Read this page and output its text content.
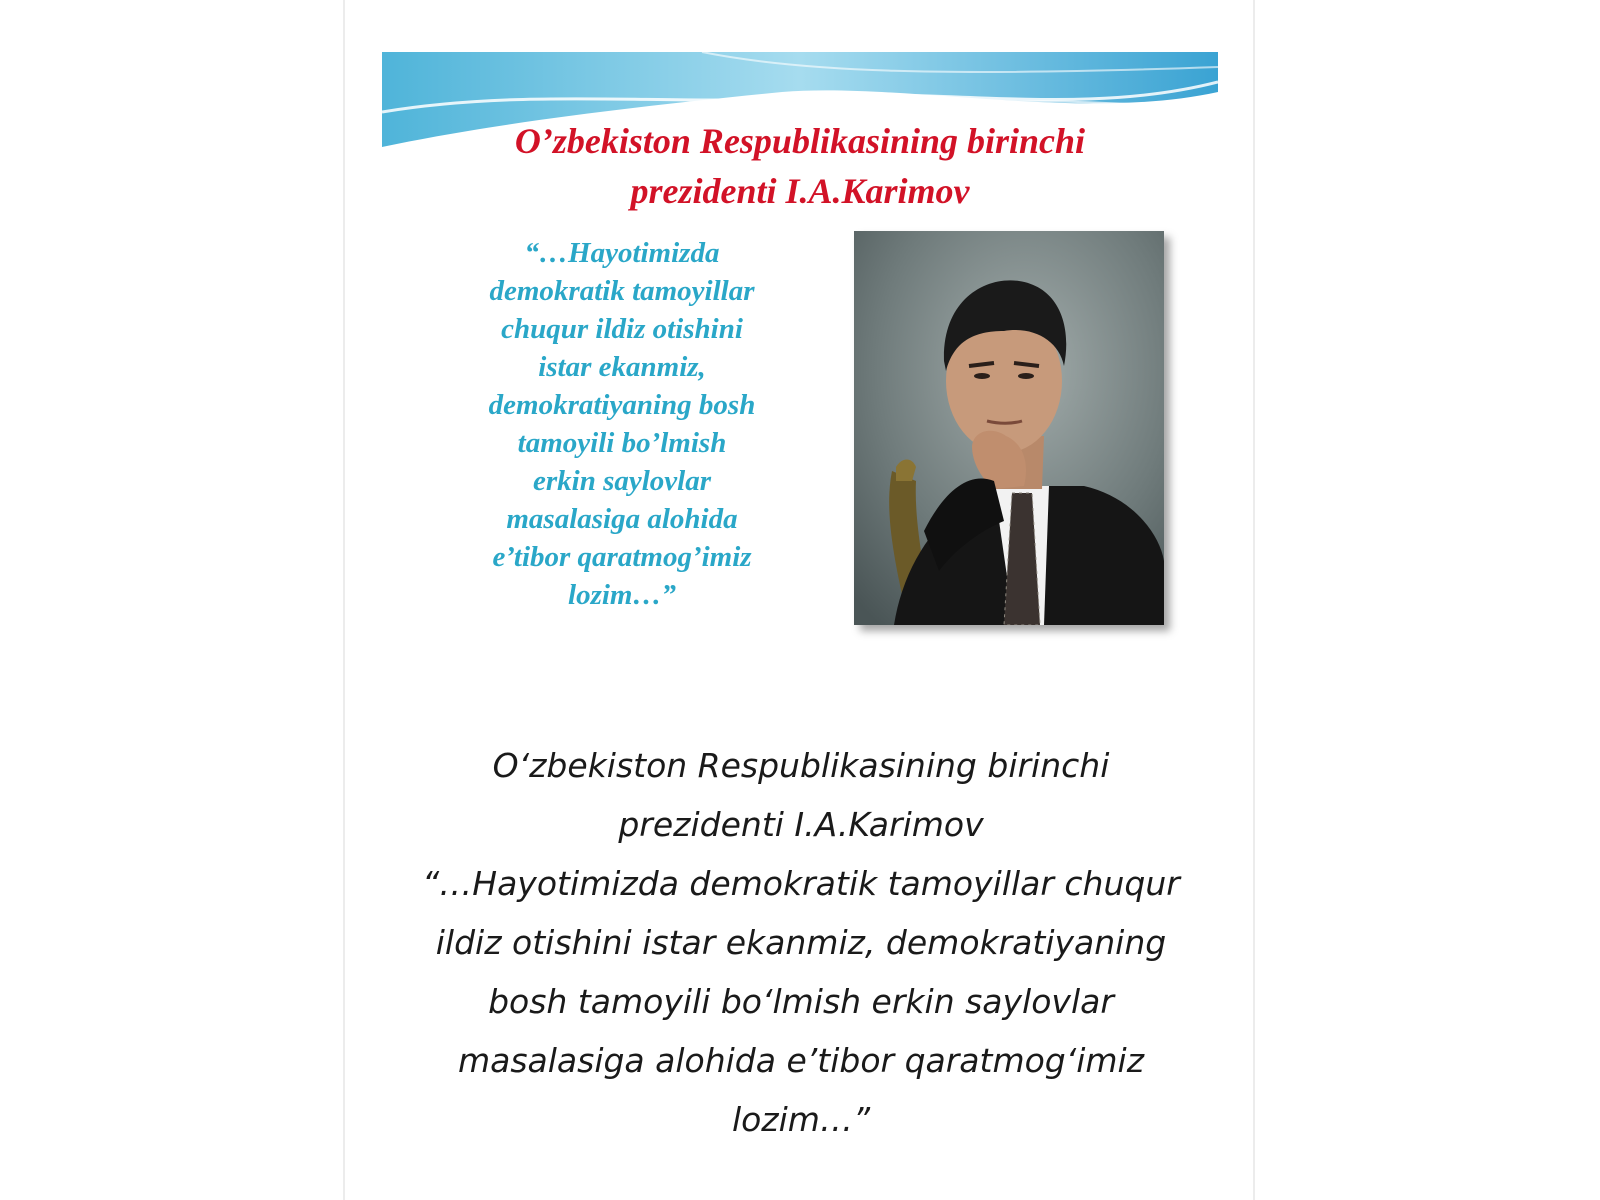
O’zbekiston Respublikasining birinchi
prezidenti I.A.Karimov
“…Hayotimizda
demokratik tamoyillar
chuqur ildiz otishini
istar ekanmiz,
demokratiyaning bosh
tamoyili bo’lmish
erkin saylovlar
masalasiga alohida
e’tibor qaratmog’imiz
lozim…”
O‘zbekiston Respublikasining birinchi
prezidenti I.A.Karimov
“…Hayotimizda demokratik tamoyillar chuqur
ildiz otishini istar ekanmiz, demokratiyaning
bosh tamoyili bo‘lmish erkin saylovlar
masalasiga alohida e’tibor qaratmog‘imiz
lozim…”
